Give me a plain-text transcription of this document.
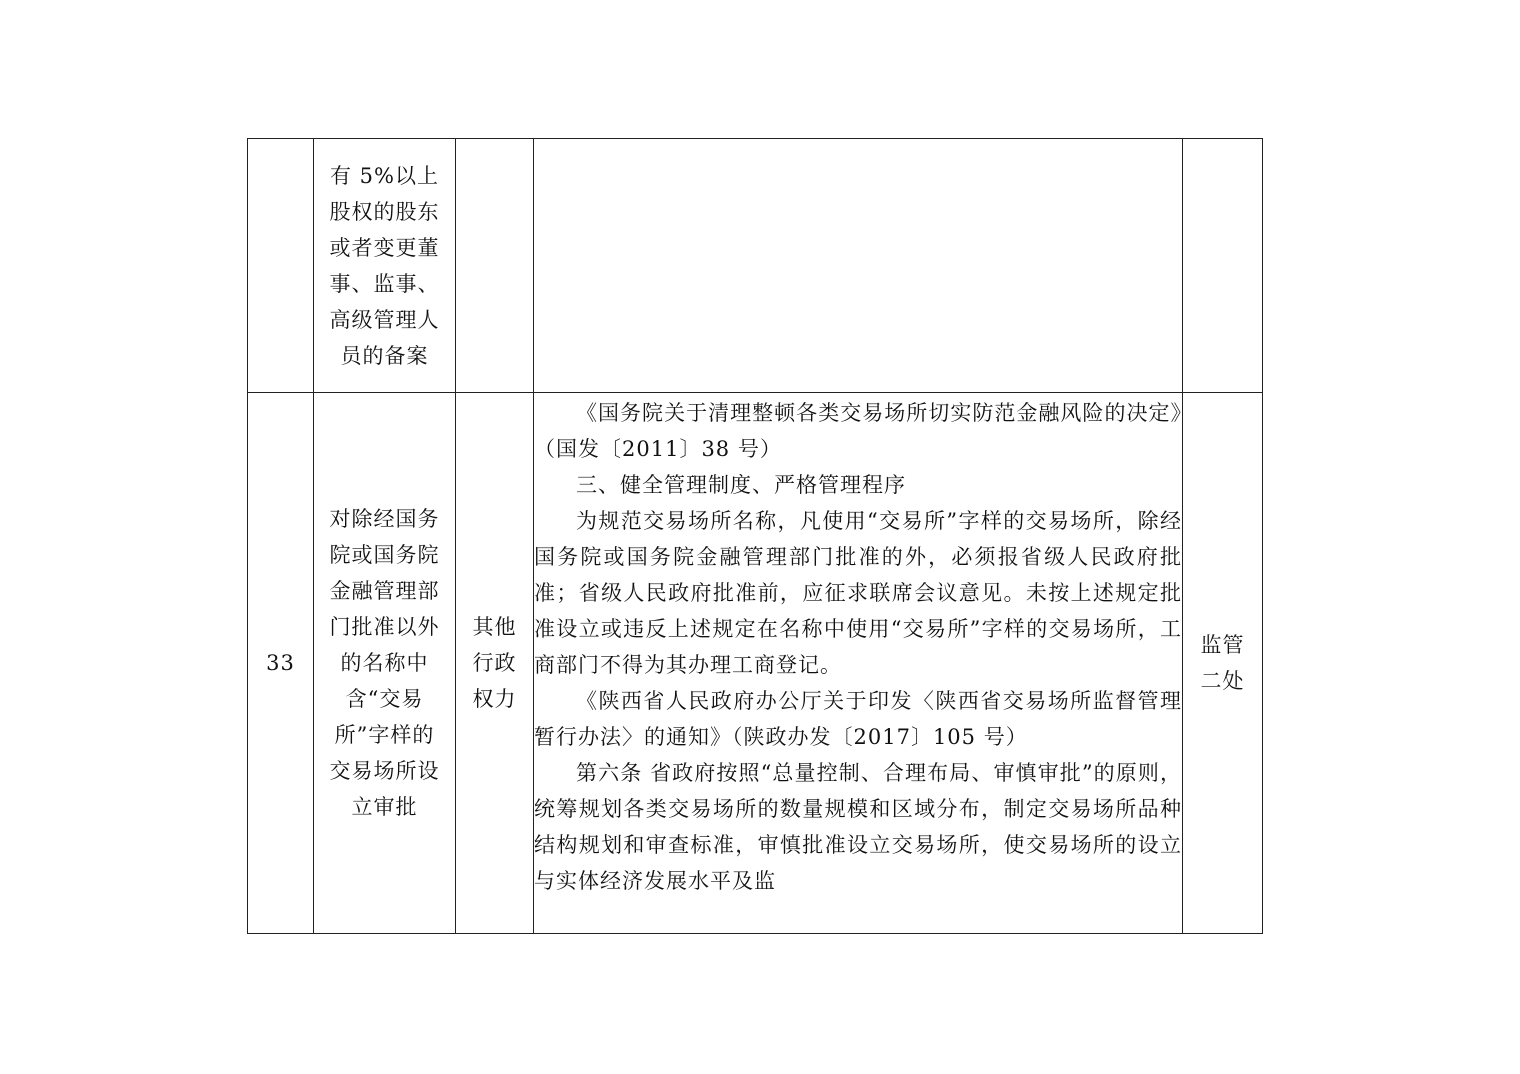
	有 5%以上股权的股东或者变更董事、监事、高级管理人员的备案			

33	对除经国务院或国务院金融管理部门批准以外的名称中含“交易所”字样的交易场所设立审批	其他行政权力	《国务院关于清理整顿各类交易场所切实防范金融风险的决定》（国发〔2011〕38 号）

三、健全管理制度、严格管理程序

为规范交易场所名称，凡使用“交易所”字样的交易场所，除经国务院或国务院金融管理部门批准的外，必须报省级人民政府批准；省级人民政府批准前，应征求联席会议意见。未按上述规定批准设立或违反上述规定在名称中使用“交易所”字样的交易场所，工商部门不得为其办理工商登记。

《陕西省人民政府办公厅关于印发〈陕西省交易场所监督管理暂行办法〉的通知》（陕政办发〔2017〕105 号）

第六条 省政府按照“总量控制、合理布局、审慎审批”的原则，统筹规划各类交易场所的数量规模和区域分布，制定交易场所品种结构规划和审查标准，审慎批准设立交易场所，使交易场所的设立与实体经济发展水平及监	监管二处
